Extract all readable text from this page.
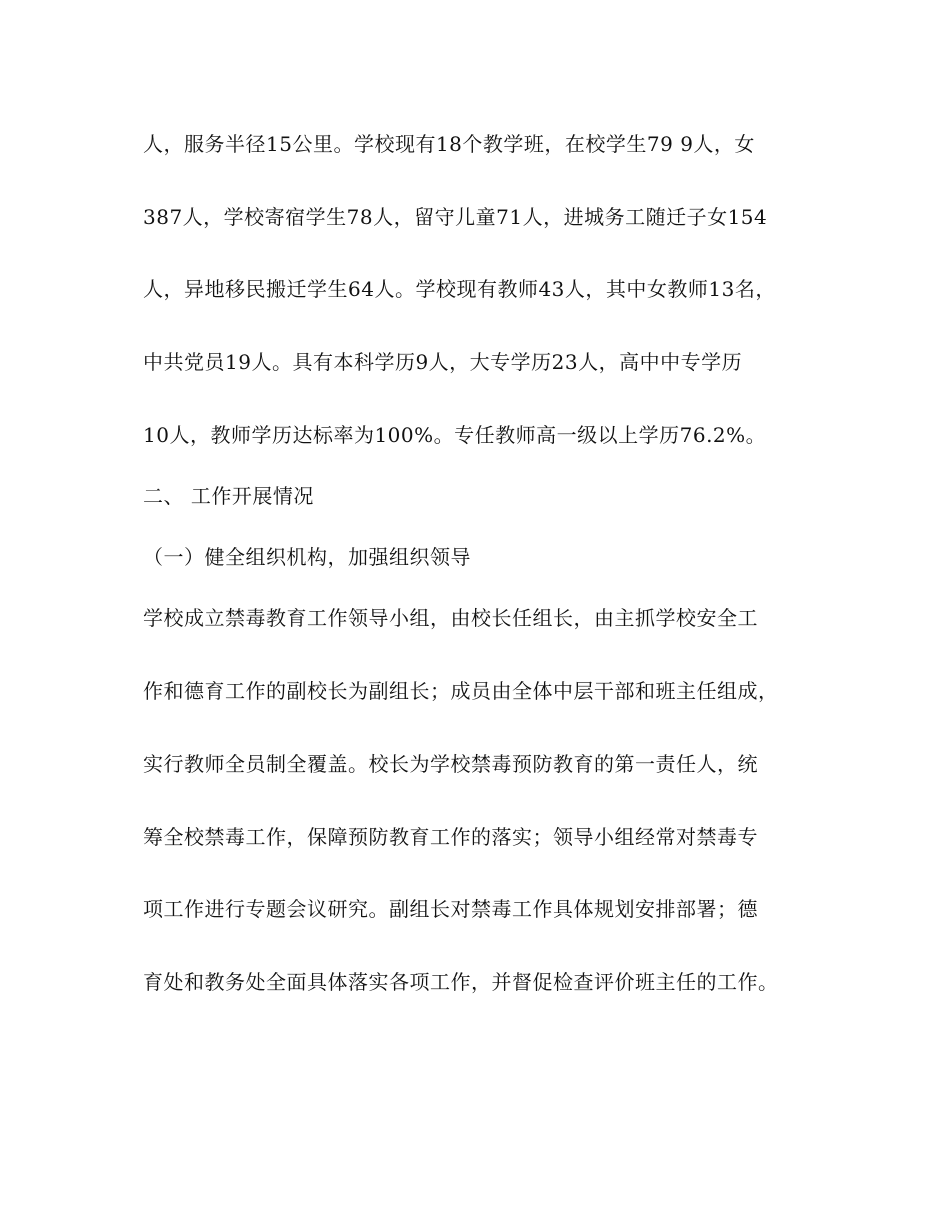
人，服务半径15公里。学校现有18个教学班，在校学生79 9人，女
387人，学校寄宿学生78人，留守儿童71人，进城务工随迁子女154
人，异地移民搬迁学生64人。学校现有教师43人，其中女教师13名，
中共党员19人。具有本科学历9人，大专学历23人，高中中专学历
10人，教师学历达标率为100%。专任教师高一级以上学历76.2%。
二、 工作开展情况
（一）健全组织机构，加强组织领导
学校成立禁毒教育工作领导小组，由校长任组长，由主抓学校安全工
作和德育工作的副校长为副组长；成员由全体中层干部和班主任组成，
实行教师全员制全覆盖。校长为学校禁毒预防教育的第一责任人，统
筹全校禁毒工作，保障预防教育工作的落实；领导小组经常对禁毒专
项工作进行专题会议研究。副组长对禁毒工作具体规划安排部署；德
育处和教务处全面具体落实各项工作，并督促检查评价班主任的工作。
